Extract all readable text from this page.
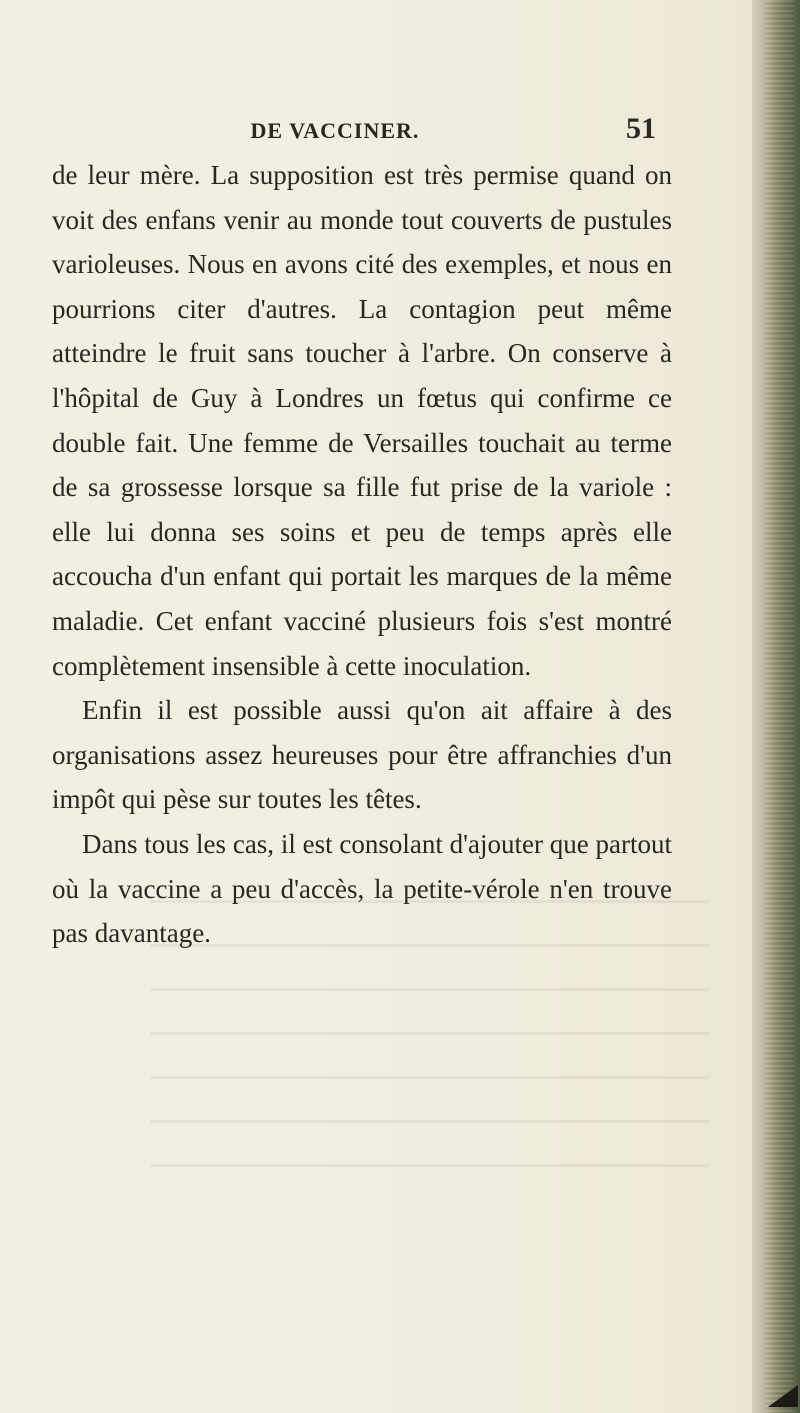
DE VACCINER.	51

de leur mère. La supposition est très permise quand on voit des enfans venir au monde tout couverts de pustules varioleuses. Nous en avons cité des exemples, et nous en pourrions citer d'autres. La contagion peut même atteindre le fruit sans toucher à l'arbre. On conserve à l'hôpital de Guy à Londres un fœtus qui confirme ce double fait. Une femme de Versailles touchait au terme de sa grossesse lorsque sa fille fut prise de la variole : elle lui donna ses soins et peu de temps après elle accoucha d'un enfant qui portait les marques de la même maladie. Cet enfant vacciné plusieurs fois s'est montré complètement insensible à cette inoculation.

Enfin il est possible aussi qu'on ait affaire à des organisations assez heureuses pour être affranchies d'un impôt qui pèse sur toutes les têtes.

Dans tous les cas, il est consolant d'ajouter que partout où la vaccine a peu d'accès, la petite-vérole n'en trouve pas davantage.
